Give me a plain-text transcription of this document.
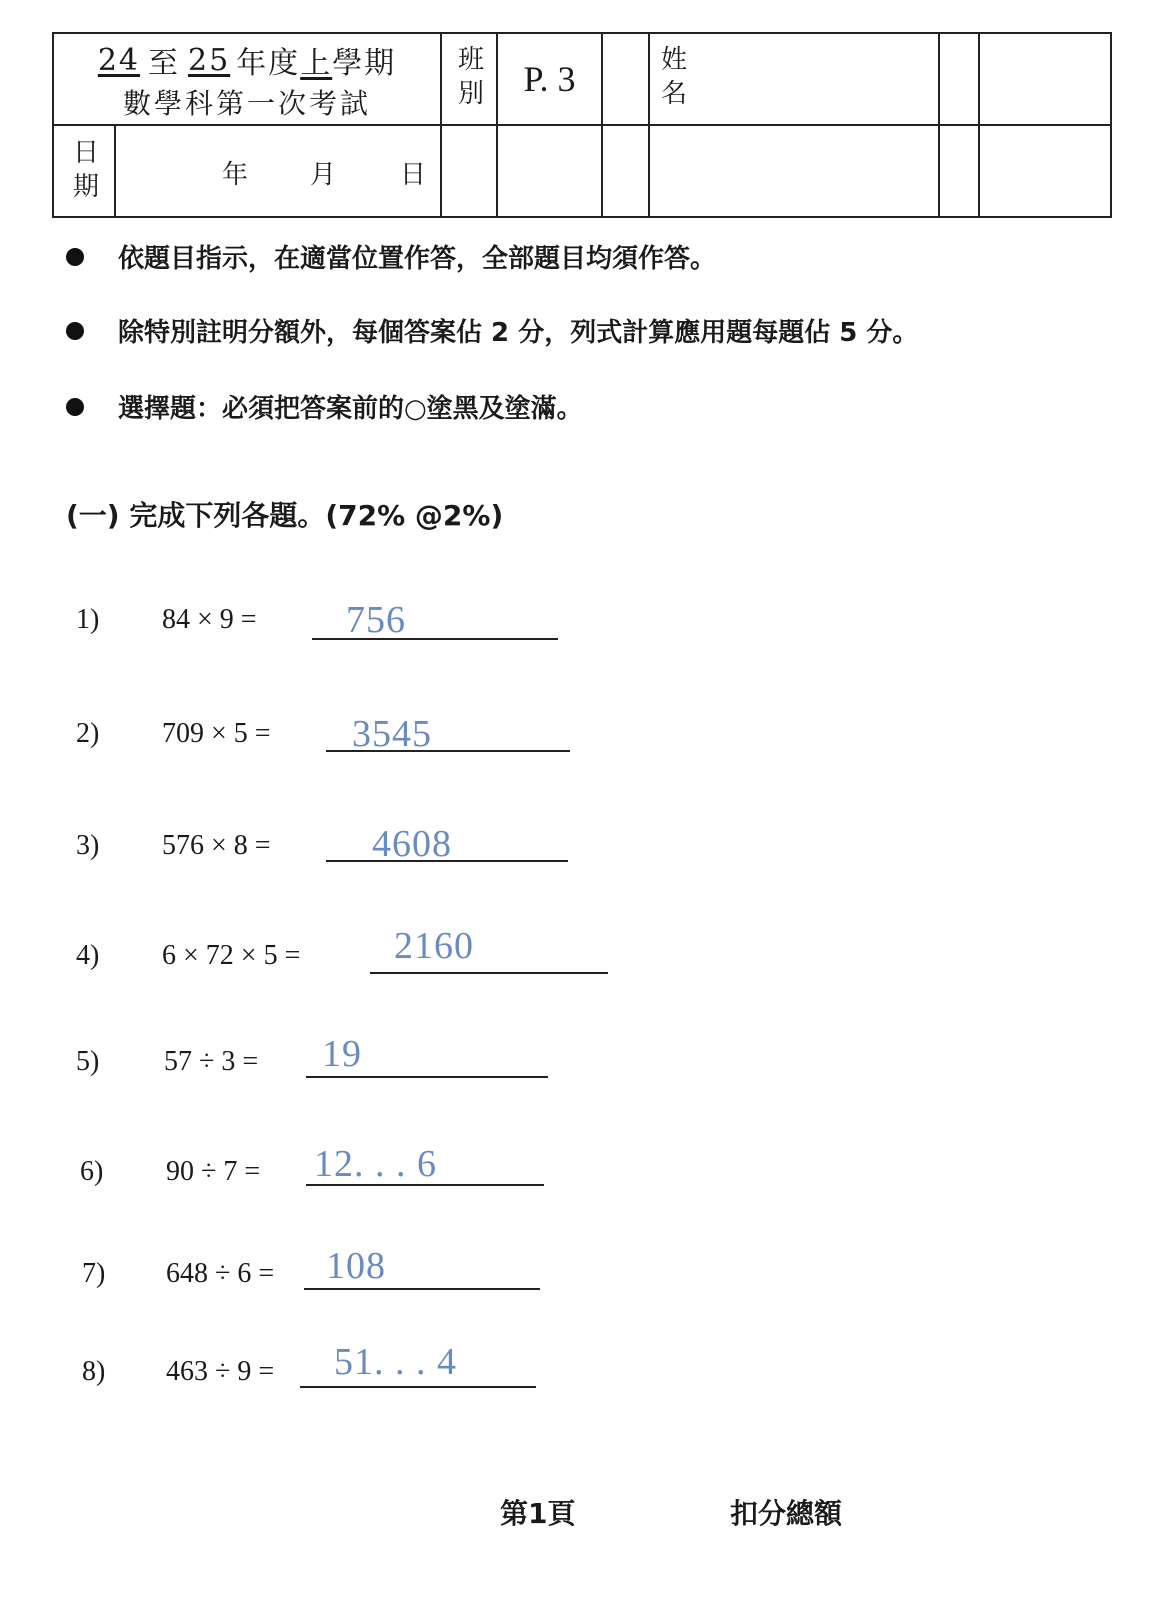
24 至 25 年度 上 學期
數學科第一次考試	班別	P. 3	姓名
日期	年 月 日
依題目指示，在適當位置作答，全部題目均須作答。
除特別註明分額外，每個答案佔 2 分，列式計算應用題每題佔 5 分。
選擇題：必須把答案前的○塗黑及塗滿。
(一) 完成下列各題。(72% @2%)
1) 84 × 9 = 756
2) 709 × 5 = 3545
3) 576 × 8 =	4608
4) 6 × 72 × 5 = 2160
5) 57 ÷ 3 = 19
6) 90 ÷ 7 = 12. . . 6
7) 648 ÷ 6 = 108
8) 463 ÷ 9 = 51. . . 4
第1頁	扣分總額
